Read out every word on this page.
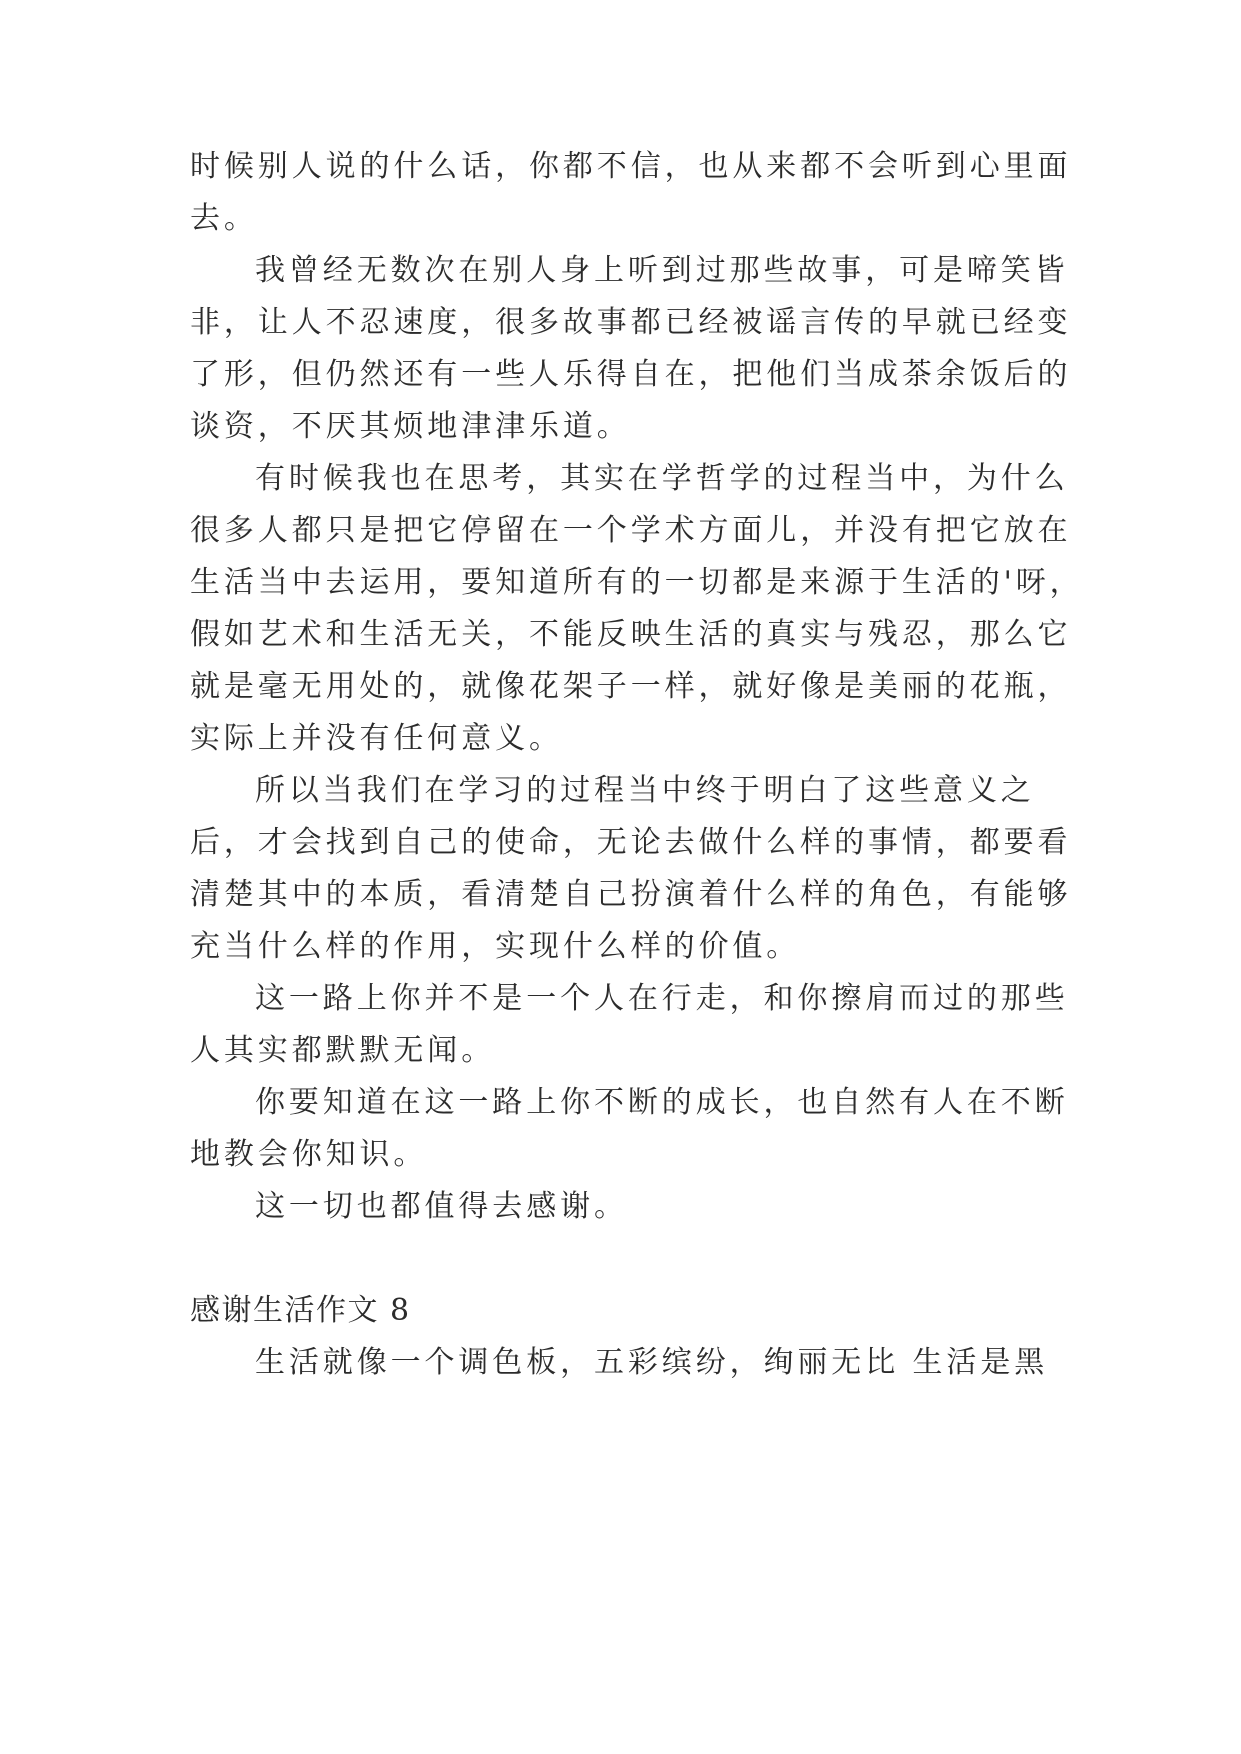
时候别人说的什么话，你都不信，也从来都不会听到心里面
去。
我曾经无数次在别人身上听到过那些故事，可是啼笑皆
非，让人不忍速度，很多故事都已经被谣言传的早就已经变
了形，但仍然还有一些人乐得自在，把他们当成茶余饭后的
谈资，不厌其烦地津津乐道。
有时候我也在思考，其实在学哲学的过程当中，为什么
很多人都只是把它停留在一个学术方面儿，并没有把它放在
生活当中去运用，要知道所有的一切都是来源于生活的'呀，
假如艺术和生活无关，不能反映生活的真实与残忍，那么它
就是毫无用处的，就像花架子一样，就好像是美丽的花瓶，
实际上并没有任何意义。
所以当我们在学习的过程当中终于明白了这些意义之
后，才会找到自己的使命，无论去做什么样的事情，都要看
清楚其中的本质，看清楚自己扮演着什么样的角色，有能够
充当什么样的作用，实现什么样的价值。
这一路上你并不是一个人在行走，和你擦肩而过的那些
人其实都默默无闻。
你要知道在这一路上你不断的成长，也自然有人在不断
地教会你知识。
这一切也都值得去感谢。
感谢生活作文 8
生活就像一个调色板，五彩缤纷，绚丽无比 生活是黑
